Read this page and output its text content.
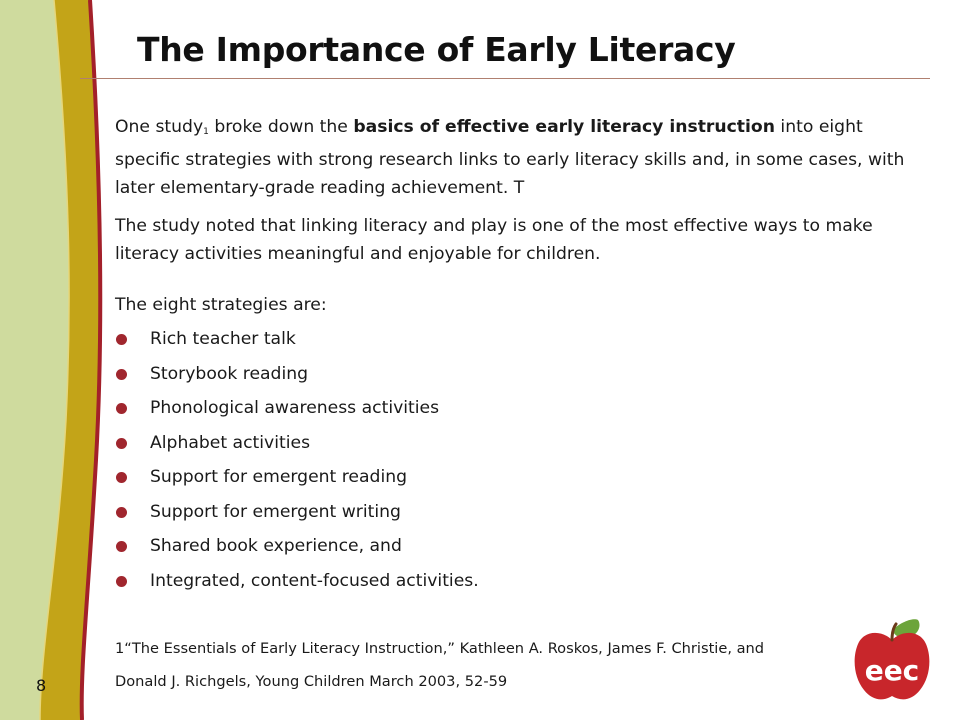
The Importance of Early Literacy

One study$_1$ broke down the basics of effective early literacy instruction into eight specific strategies with strong research links to early literacy skills and, in some cases, with later elementary-grade reading achievement. T

The study noted that linking literacy and play is one of the most effective ways to make literacy activities meaningful and enjoyable for children.

The eight strategies are:

Rich teacher talk
Storybook reading
Phonological awareness activities
Alphabet activities
Support for emergent reading
Support for emergent writing
Shared book experience, and
Integrated, content-focused activities.
1“The Essentials of Early Literacy Instruction,” Kathleen A. Roskos, James F. Christie, and
Donald J. Richgels, Young Children March 2003, 52-59
8	eec
